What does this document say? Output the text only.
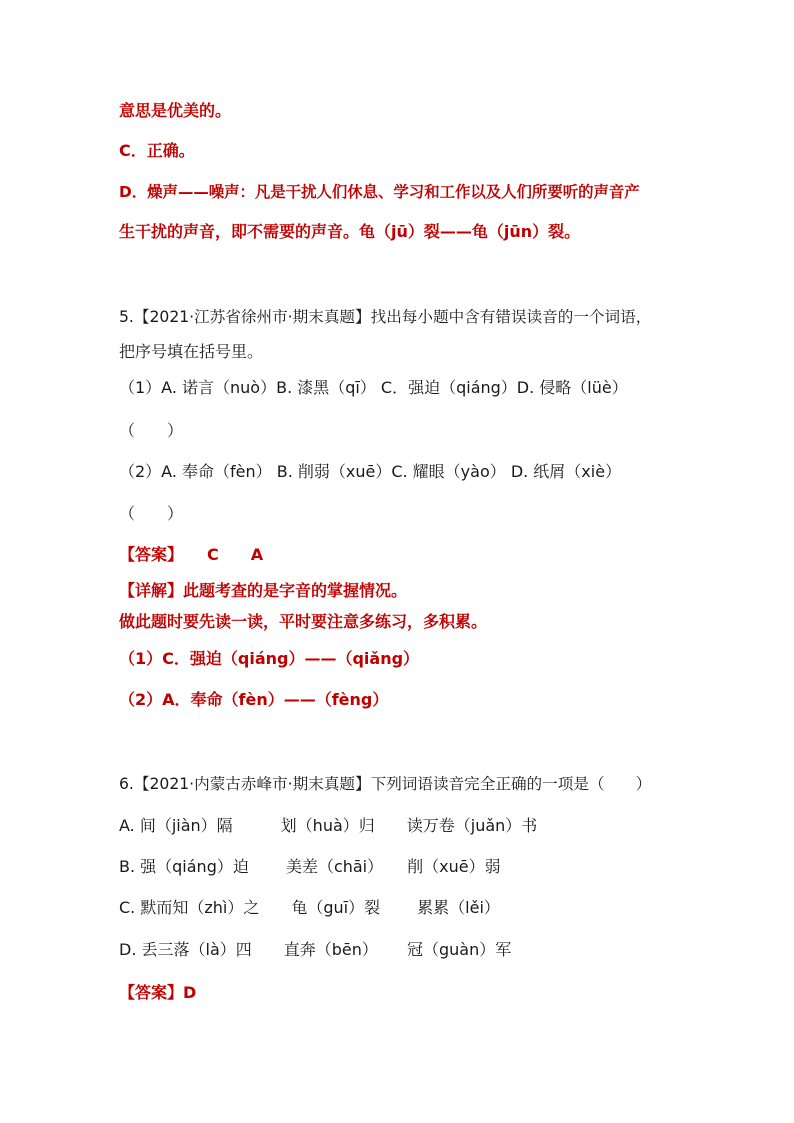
意思是优美的。
C．正确。
D．燥声——噪声：凡是干扰人们休息、学习和工作以及人们所要听的声音产
生干扰的声音，即不需要的声音。龟（jū）裂——龟（jūn）裂。
5.【2021·江苏省徐州市·期末真题】找出每小题中含有错误读音的一个词语，
把序号填在括号里。
（1）A. 诺言（nuò）B. 漆黑（qī） C．强迫（qiáng）D. 侵略（lüè）
（　　）
（2）A. 奉命（fèn） B. 削弱（xuē）C. 耀眼（yào） D. 纸屑（xiè）
（　　）
【答案】　　C　　A
【详解】此题考查的是字音的掌握情况。
做此题时要先读一读，平时要注意多练习，多积累。
（1）C．强迫（qiáng）——（qiǎng）
（2）A．奉命（fèn）——（fèng）
6.【2021·内蒙古赤峰市·期末真题】下列词语读音完全正确的一项是（　　）
A. 间（jiàn）隔　　　划（huà）归　　读万卷（juǎn）书
B. 强（qiáng）迫　　 美差（chāi）　　削（xuē）弱
C. 默而知（zhì）之　　龟（guī）裂　　 累累（lěi）
D. 丢三落（là）四　　直奔（bēn）　　 冠（guàn）军
【答案】D
